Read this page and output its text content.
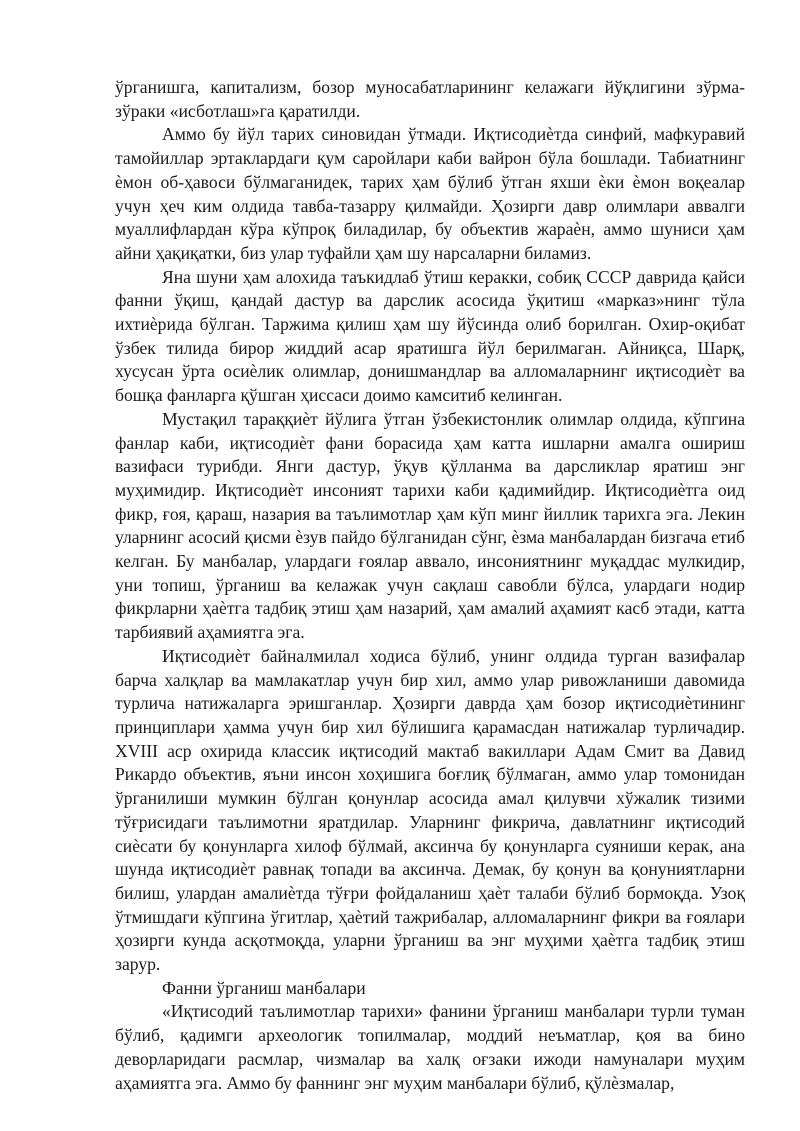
ўрганишга, капитализм, бозор муносабатларининг келажаги йўқлигини зўрма-зўраки «исботлаш»га қаратилди.

Аммо бу йўл тарих синовидан ўтмади. Иқтисодиѐтда синфий, мафкуравий тамойиллар эртаклардаги қум саройлари каби вайрон бўла бошлади. Табиатнинг ѐмон об-ҳавоси бўлмаганидек, тарих ҳам бўлиб ўтган яхши ѐки ѐмон воқеалар учун ҳеч ким олдида тавба-тазарру қилмайди. Ҳозирги давр олимлари аввалги муаллифлардан кўра кўпроқ биладилар, бу объектив жараѐн, аммо шуниси ҳам айни ҳақиқатки, биз улар туфайли ҳам шу нарсаларни биламиз.

Яна шуни ҳам алохида таъкидлаб ўтиш керакки, собиқ СССР даврида қайси фанни ўқиш, қандай дастур ва дарслик асосида ўқитиш «марказ»нинг тўла ихтиѐрида бўлган. Таржима қилиш ҳам шу йўсинда олиб борилган. Охир-оқибат ўзбек тилида бирор жиддий асар яратишга йўл берилмаган. Айниқса, Шарқ, хусусан ўрта осиѐлик олимлар, донишмандлар ва алломаларнинг иқтисодиѐт ва бошқа фанларга қўшган ҳиссаси доимо камситиб келинган.

Мустақил тараққиѐт йўлига ўтган ўзбекистонлик олимлар олдида, кўпгина фанлар каби, иқтисодиѐт фани борасида ҳам катта ишларни амалга ошириш вазифаси турибди. Янги дастур, ўқув қўлланма ва дарсликлар яратиш энг муҳимидир. Иқтисодиѐт инсоният тарихи каби қадимийдир. Иқтисодиѐтга оид фикр, ғоя, қараш, назария ва таълимотлар ҳам кўп минг йиллик тарихга эга. Лекин уларнинг асосий қисми ѐзув пайдо бўлганидан сўнг, ѐзма манбалардан бизгача етиб келган. Бу манбалар, улардаги ғоялар аввало, инсониятнинг муқаддас мулкидир, уни топиш, ўрганиш ва келажак учун сақлаш савобли бўлса, улардаги нодир фикрларни ҳаѐтга тадбиқ этиш ҳам назарий, ҳам амалий аҳамият касб этади, катта тарбиявий аҳамиятга эга.

Иқтисодиѐт байналмилал ходиса бўлиб, унинг олдида турган вазифалар барча халқлар ва мамлакатлар учун бир хил, аммо улар ривожланиши давомида турлича натижаларга эришганлар. Ҳозирги даврда ҳам бозор иқтисодиѐтининг принциплари ҳамма учун бир хил бўлишига қарамасдан натижалар турличадир. XVIII аср охирида классик иқтисодий мактаб вакиллари Адам Смит ва Давид Рикардо объектив, яъни инсон хоҳишига боғлиқ бўлмаган, аммо улар томонидан ўрганилиши мумкин бўлган қонунлар асосида амал қилувчи хўжалик тизими тўғрисидаги таълимотни яратдилар. Уларнинг фикрича, давлатнинг иқтисодий сиѐсати бу қонунларга хилоф бўлмай, аксинча бу қонунларга суяниши керак, ана шунда иқтисодиѐт равнақ топади ва аксинча. Демак, бу қонун ва қонуниятларни билиш, улардан амалиѐтда тўғри фойдаланиш ҳаѐт талаби бўлиб бормоқда. Узоқ ўтмишдаги кўпгина ўгитлар, ҳаѐтий тажрибалар, алломаларнинг фикри ва ғоялари ҳозирги кунда асқотмоқда, уларни ўрганиш ва энг муҳими ҳаѐтга тадбиқ этиш зарур.

Фанни ўрганиш манбалари

«Иқтисодий таълимотлар тарихи» фанини ўрганиш манбалари турли туман бўлиб, қадимги археологик топилмалар, моддий неъматлар, қоя ва бино деворларидаги расмлар, чизмалар ва халқ оғзаки ижоди намуналари муҳим аҳамиятга эга. Аммо бу фаннинг энг муҳим манбалари бўлиб, қўлѐзмалар,
